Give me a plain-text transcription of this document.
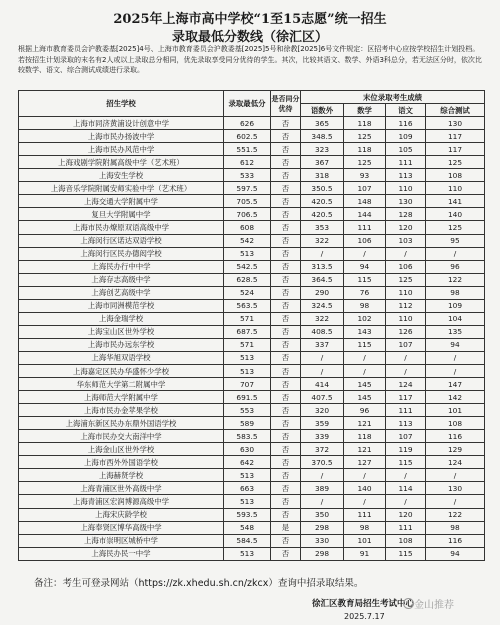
2025年上海市高中学校“1至15志愿”统一招生
录取最低分数线（徐汇区）
根据上海市教育委员会沪教委基[2025]4号、上海市教育委员会沪教委基[2025]5号和徐教[2025]6号文件规定：区招考中心应按学校招生计划投档。若按招生计划录取的末名有2人或以上录取总分相同，优先录取享受同分优待的学生。其次，比较其语文、数学、外语3科总分，若无法区分时，依次比较数学、语文、综合测试成绩进行录取。
招生学校	录取最低分	是否同分优待	末位录取考生成绩			
			语数外	数学	语文	综合测试
上海市同济黄浦设计创意中学	626	否	365	118	116	130
上海市民办扬波中学	602.5	否	348.5	125	109	117
上海市民办风范中学	551.5	否	323	118	105	117
上海戏剧学院附属高级中学（艺术班）	612	否	367	125	111	125
上海安生学校	533	否	318	93	113	108
上海音乐学院附属安师实验中学（艺术班）	597.5	否	350.5	107	110	110
上海交通大学附属中学	705.5	否	420.5	148	130	141
复旦大学附属中学	706.5	否	420.5	144	128	140
上海市民办燎原双语高级中学	608	否	353	111	120	125
上海闵行区诺达双语学校	542	否	322	106	103	95
上海闵行区民办德闳学校	513	否	/	/	/	/
上海民办行中中学	542.5	否	313.5	94	106	96
上海存志高级中学	628.5	否	364.5	115	125	122
上海创艺高级中学	524	否	290	76	110	98
上海市同洲模范学校	563.5	否	324.5	98	112	109
上海金瑞学校	571	否	322	102	110	104
上海宝山区世外学校	687.5	否	408.5	143	126	135
上海市民办远东学校	571	否	337	115	107	94
上海华旭双语学校	513	否	/	/	/	/
上海嘉定区民办华盛怀少学校	513	否	/	/	/	/
华东师范大学第二附属中学	707	否	414	145	124	147
上海师范大学附属中学	691.5	否	407.5	145	117	142
上海市民办金苹果学校	553	否	320	96	111	101
上海浦东新区民办东鼎外国语学校	589	否	359	121	113	108
上海市民办交大南洋中学	583.5	否	339	118	107	116
上海金山区世外学校	630	否	372	121	119	129
上海市西外外国语学校	642	否	370.5	127	115	124
上海赫贤学校	513	否	/	/	/	/
上海青浦区世外高级中学	663	否	389	140	114	130
上海青浦区宏润博源高级中学	513	否	/	/	/	/
上海宋庆龄学校	593.5	否	350	111	120	122
上海奉贤区博华高级中学	548	是	298	98	111	98
上海市崇明区城桥中学	584.5	否	330	101	108	116
上海民办民一中学	513	否	298	91	115	94
备注：考生可登录网站（https://zk.xhedu.sh.cn/zkcx）查询中招录取结果。
徐汇区教育局招生考试中心
2025.7.17
金山推荐
